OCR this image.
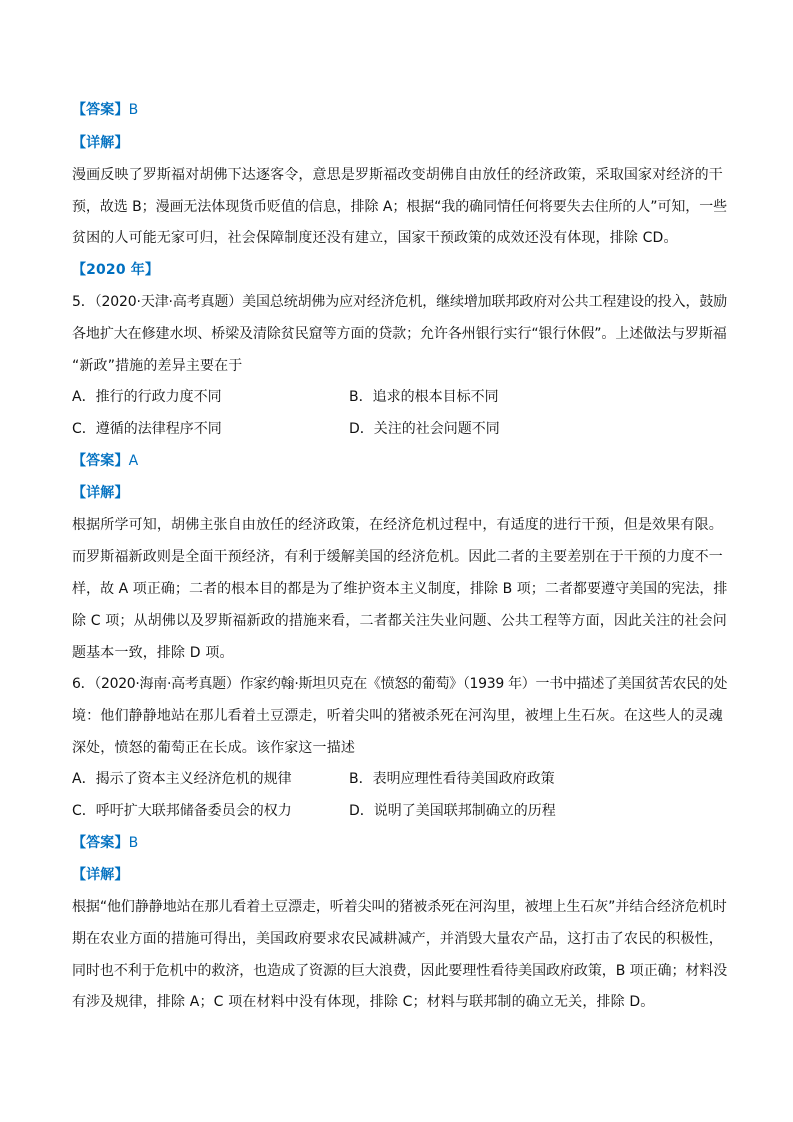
【答案】B
【详解】
漫画反映了罗斯福对胡佛下达逐客令，意思是罗斯福改变胡佛自由放任的经济政策，采取国家对经济的干
预，故选 B；漫画无法体现货币贬值的信息，排除 A；根据“我的确同情任何将要失去住所的人”可知，一些
贫困的人可能无家可归，社会保障制度还没有建立，国家干预政策的成效还没有体现，排除 CD。
【2020 年】
5．（2020·天津·高考真题）美国总统胡佛为应对经济危机，继续增加联邦政府对公共工程建设的投入，鼓励
各地扩大在修建水坝、桥梁及清除贫民窟等方面的贷款；允许各州银行实行“银行休假”。上述做法与罗斯福
“新政”措施的差异主要在于
A．推行的行政力度不同	B．追求的根本目标不同
C．遵循的法律程序不同	D．关注的社会问题不同
【答案】A
【详解】
根据所学可知，胡佛主张自由放任的经济政策，在经济危机过程中，有适度的进行干预，但是效果有限。
而罗斯福新政则是全面干预经济，有利于缓解美国的经济危机。因此二者的主要差别在于干预的力度不一
样，故 A 项正确；二者的根本目的都是为了维护资本主义制度，排除 B 项；二者都要遵守美国的宪法，排
除 C 项；从胡佛以及罗斯福新政的措施来看，二者都关注失业问题、公共工程等方面，因此关注的社会问
题基本一致，排除 D 项。
6．（2020·海南·高考真题）作家约翰·斯坦贝克在《愤怒的葡萄》（1939 年）一书中描述了美国贫苦农民的处
境：他们静静地站在那儿看着土豆漂走，听着尖叫的猪被杀死在河沟里，被埋上生石灰。在这些人的灵魂
深处，愤怒的葡萄正在长成。该作家这一描述
A．揭示了资本主义经济危机的规律	B．表明应理性看待美国政府政策
C．呼吁扩大联邦储备委员会的权力	D．说明了美国联邦制确立的历程
【答案】B
【详解】
根据“他们静静地站在那儿看着土豆漂走，听着尖叫的猪被杀死在河沟里，被埋上生石灰”并结合经济危机时
期在农业方面的措施可得出，美国政府要求农民减耕减产，并消毁大量农产品，这打击了农民的积极性，
同时也不利于危机中的救济，也造成了资源的巨大浪费，因此要理性看待美国政府政策，B 项正确；材料没
有涉及规律，排除 A；C 项在材料中没有体现，排除 C；材料与联邦制的确立无关，排除 D。
